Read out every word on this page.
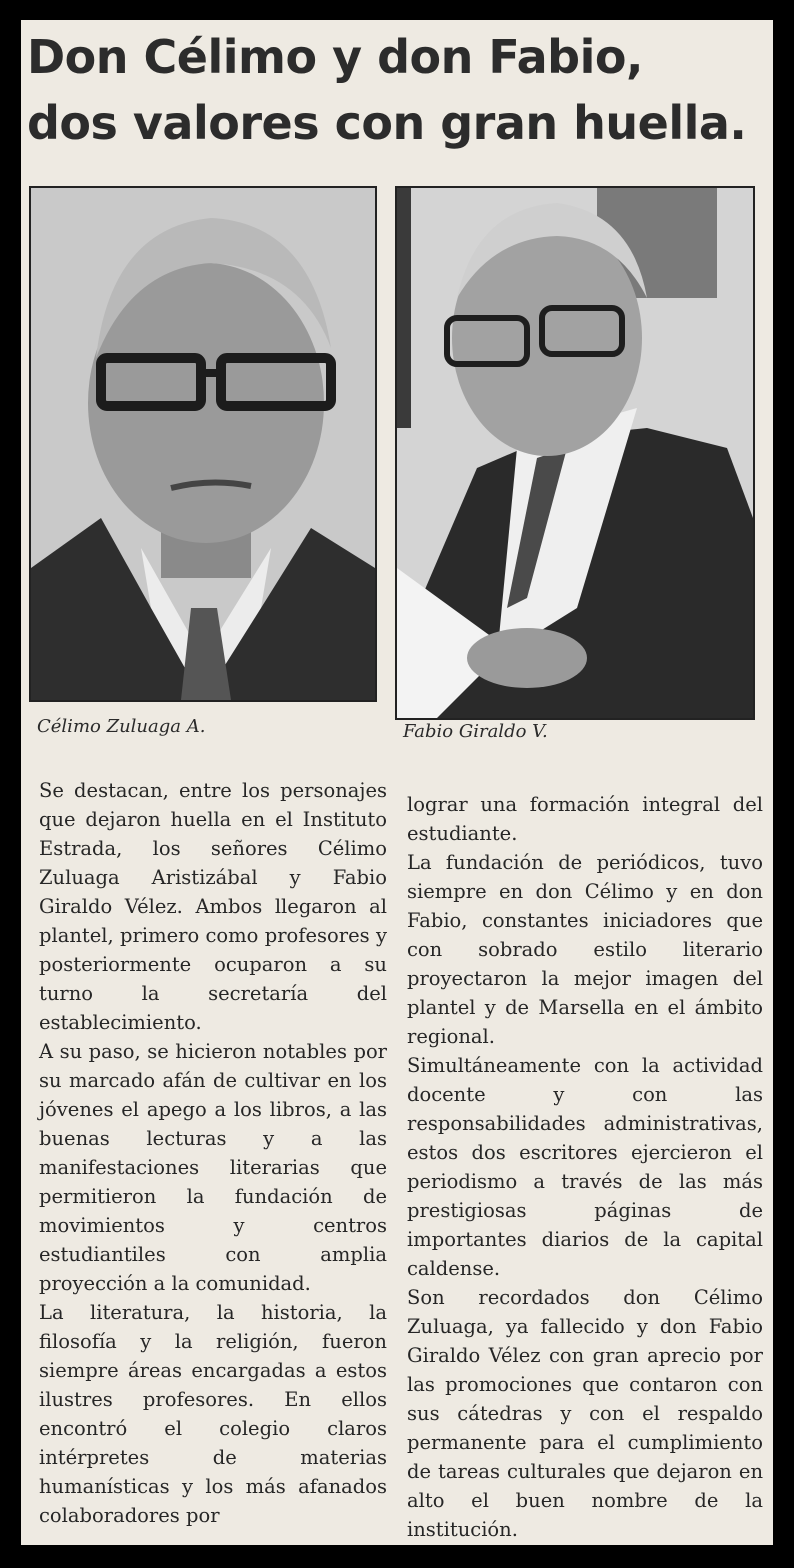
Don Célimo y don Fabio,
dos valores con gran huella.
Célimo Zuluaga A.	Fabio Giraldo V.

Se destacan, entre los personajes que dejaron huella en el Instituto Estrada, los señores Célimo Zuluaga Aristizábal y Fabio Giraldo Vélez. Ambos llegaron al plantel, primero como profesores y posteriormente ocuparon a su turno la secretaría del establecimiento.

A su paso, se hicieron notables por su marcado afán de cultivar en los jóvenes el apego a los libros, a las buenas lecturas y a las manifestaciones literarias que permitieron la fundación de movimientos y centros estudiantiles con amplia proyección a la comunidad.

La literatura, la historia, la filosofía y la religión, fueron siempre áreas encargadas a estos ilustres profesores. En ellos encontró el colegio claros intérpretes de materias humanísticas y los más afanados colaboradores por

lograr una formación integral del estudiante.

La fundación de periódicos, tuvo siempre en don Célimo y en don Fabio, constantes iniciadores que con sobrado estilo literario proyectaron la mejor imagen del plantel y de Marsella en el ámbito regional.

Simultáneamente con la actividad docente y con las responsabilidades administrativas, estos dos escritores ejercieron el periodismo a través de las más prestigiosas páginas de importantes diarios de la capital caldense.

Son recordados don Célimo Zuluaga, ya fallecido y don Fabio Giraldo Vélez con gran aprecio por las promociones que contaron con sus cátedras y con el respaldo permanente para el cumplimiento de tareas culturales que dejaron en alto el buen nombre de la institución.
